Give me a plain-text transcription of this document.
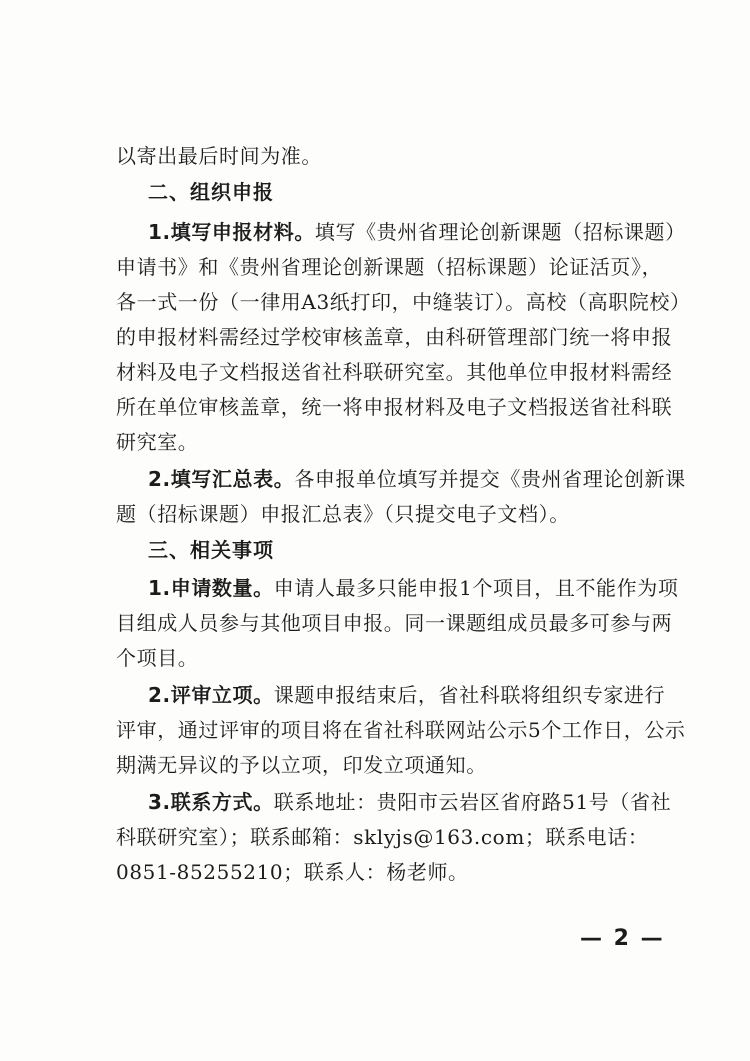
以寄出最后时间为准。
二、组织申报
1.填写申报材料。填写《贵州省理论创新课题（招标课题）
申请书》和《贵州省理论创新课题（招标课题）论证活页》，
各一式一份（一律用A3纸打印，中缝装订）。高校（高职院校）
的申报材料需经过学校审核盖章，由科研管理部门统一将申报
材料及电子文档报送省社科联研究室。其他单位申报材料需经
所在单位审核盖章，统一将申报材料及电子文档报送省社科联
研究室。
2.填写汇总表。各申报单位填写并提交《贵州省理论创新课
题（招标课题）申报汇总表》（只提交电子文档）。
三、相关事项
1.申请数量。申请人最多只能申报1个项目，且不能作为项
目组成人员参与其他项目申报。同一课题组成员最多可参与两
个项目。
2.评审立项。课题申报结束后，省社科联将组织专家进行
评审，通过评审的项目将在省社科联网站公示5个工作日，公示
期满无异议的予以立项，印发立项通知。
3.联系方式。联系地址：贵阳市云岩区省府路51号（省社
科联研究室）；联系邮箱：sklyjs@163.com；联系电话：
0851-85255210；联系人：杨老师。
— 2 —
